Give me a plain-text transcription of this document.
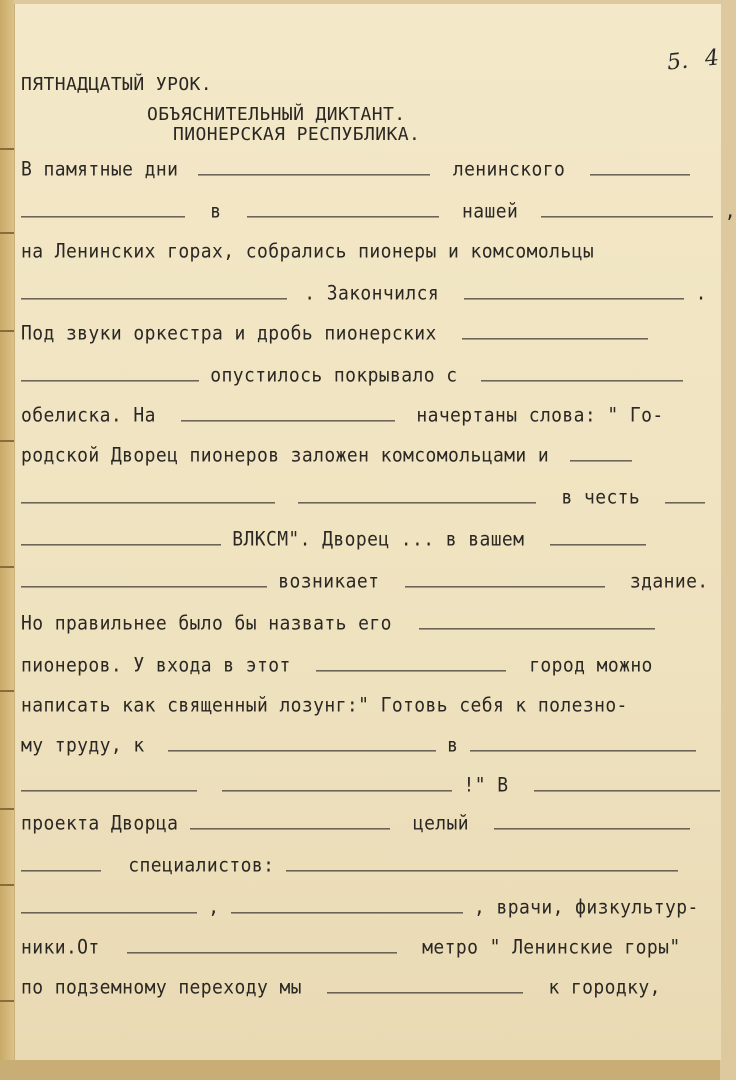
5. 4
ПЯТНАДЦАТЫЙ УРОК.
ОБЪЯСНИТЕЛЬНЫЙ ДИКТАНТ.
ПИОНЕРСКАЯ РЕСПУБЛИКА.
В памятные дни	ленинского
в	нашей	,
на Ленинских горах, собрались пионеры и комсомольцы
. Закончился	.
Под звуки оркестра и дробь пионерских
опустилось покрывало с
обелиска. На	начертаны слова: " Го-
родской Дворец пионеров заложен комсомольцами и
в честь
ВЛКСМ". Дворец ... в вашем
возникает	здание.
Но правильнее было бы назвать его
пионеров. У входа в этот	город можно
написать как священный лозунг:" Готовь себя к полезно-
му труду, к	в
!" В
проекта Дворца	целый
специалистов:
,	, врачи, физкультур-
ники.От	метро " Ленинские горы"
по подземному переходу мы	к городку,
